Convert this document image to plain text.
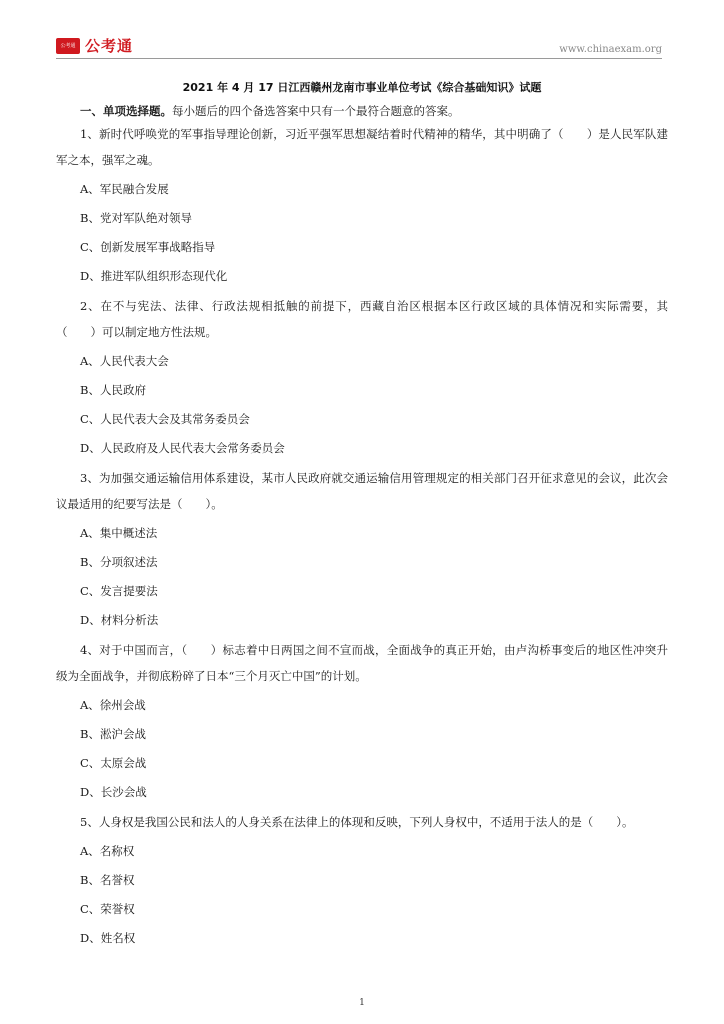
公考通 公考通	www.chinaexam.org
2021 年 4 月 17 日江西赣州龙南市事业单位考试《综合基础知识》试题
一、单项选择题。每小题后的四个备选答案中只有一个最符合题意的答案。
1、新时代呼唤党的军事指导理论创新，习近平强军思想凝结着时代精神的精华，其中明确了（　　）是人民军队建军之本，强军之魂。
A、军民融合发展
B、党对军队绝对领导
C、创新发展军事战略指导
D、推进军队组织形态现代化
2、在不与宪法、法律、行政法规相抵触的前提下，西藏自治区根据本区行政区域的具体情况和实际需要，其（　　）可以制定地方性法规。
A、人民代表大会
B、人民政府
C、人民代表大会及其常务委员会
D、人民政府及人民代表大会常务委员会
3、为加强交通运输信用体系建设，某市人民政府就交通运输信用管理规定的相关部门召开征求意见的会议，此次会议最适用的纪要写法是（　　）。
A、集中概述法
B、分项叙述法
C、发言提要法
D、材料分析法
4、对于中国而言，（　　）标志着中日两国之间不宣而战，全面战争的真正开始，由卢沟桥事变后的地区性冲突升级为全面战争，并彻底粉碎了日本“三个月灭亡中国”的计划。
A、徐州会战
B、淞沪会战
C、太原会战
D、长沙会战
5、人身权是我国公民和法人的人身关系在法律上的体现和反映，下列人身权中，不适用于法人的是（　　）。
A、名称权
B、名誉权
C、荣誉权
D、姓名权
1
